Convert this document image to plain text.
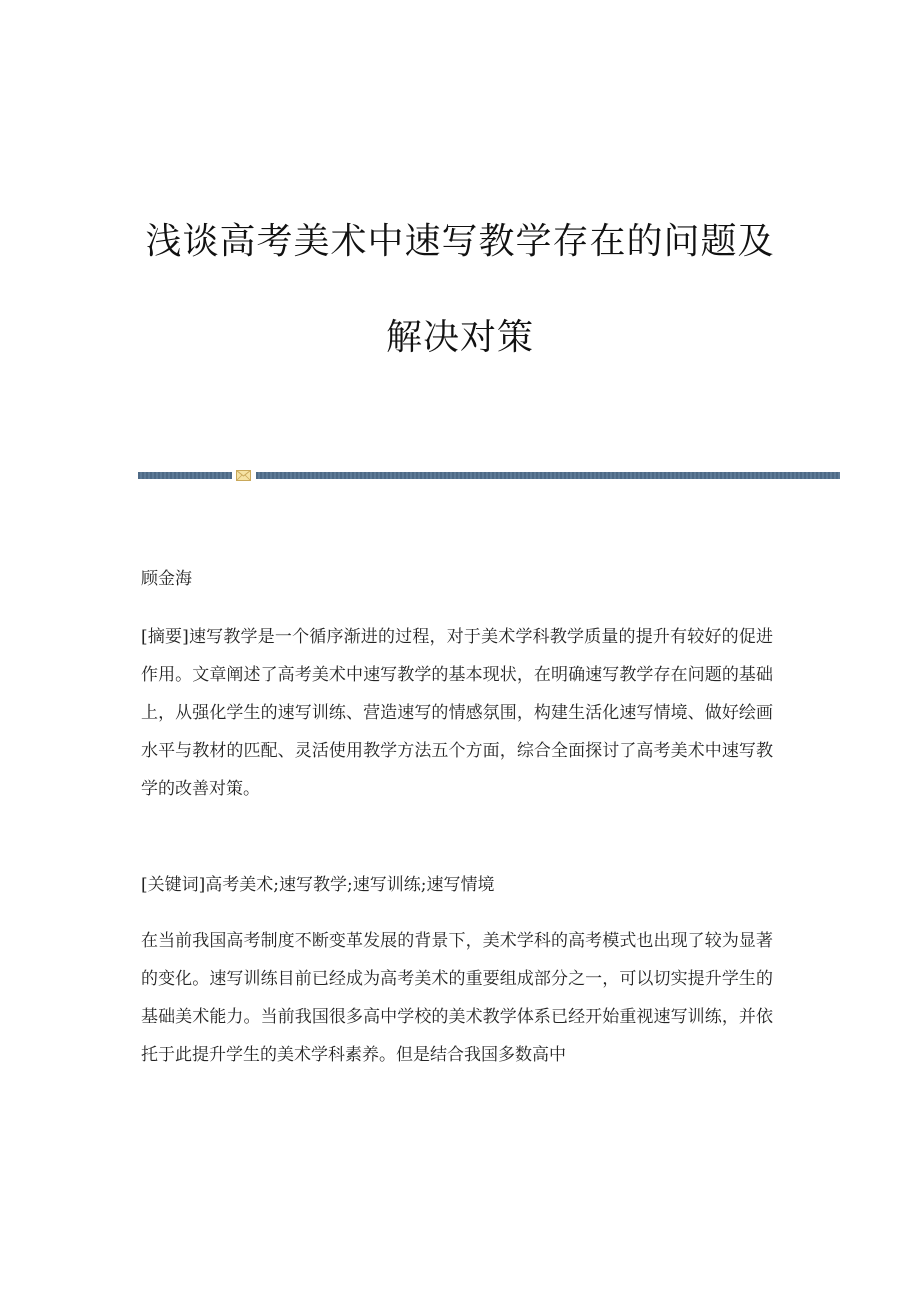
浅谈高考美术中速写教学存在的问题及
解决对策

顾金海

[摘要]速写教学是一个循序渐进的过程，对于美术学科教学质量的提升有较好的促进作用。文章阐述了高考美术中速写教学的基本现状，在明确速写教学存在问题的基础上，从强化学生的速写训练、营造速写的情感氛围，构建生活化速写情境、做好绘画水平与教材的匹配、灵活使用教学方法五个方面，综合全面探讨了高考美术中速写教学的改善对策。

[关键词]高考美术;速写教学;速写训练;速写情境

在当前我国高考制度不断变革发展的背景下，美术学科的高考模式也出现了较为显著的变化。速写训练目前已经成为高考美术的重要组成部分之一，可以切实提升学生的基础美术能力。当前我国很多高中学校的美术教学体系已经开始重视速写训练，并依托于此提升学生的美术学科素养。但是结合我国多数高中
